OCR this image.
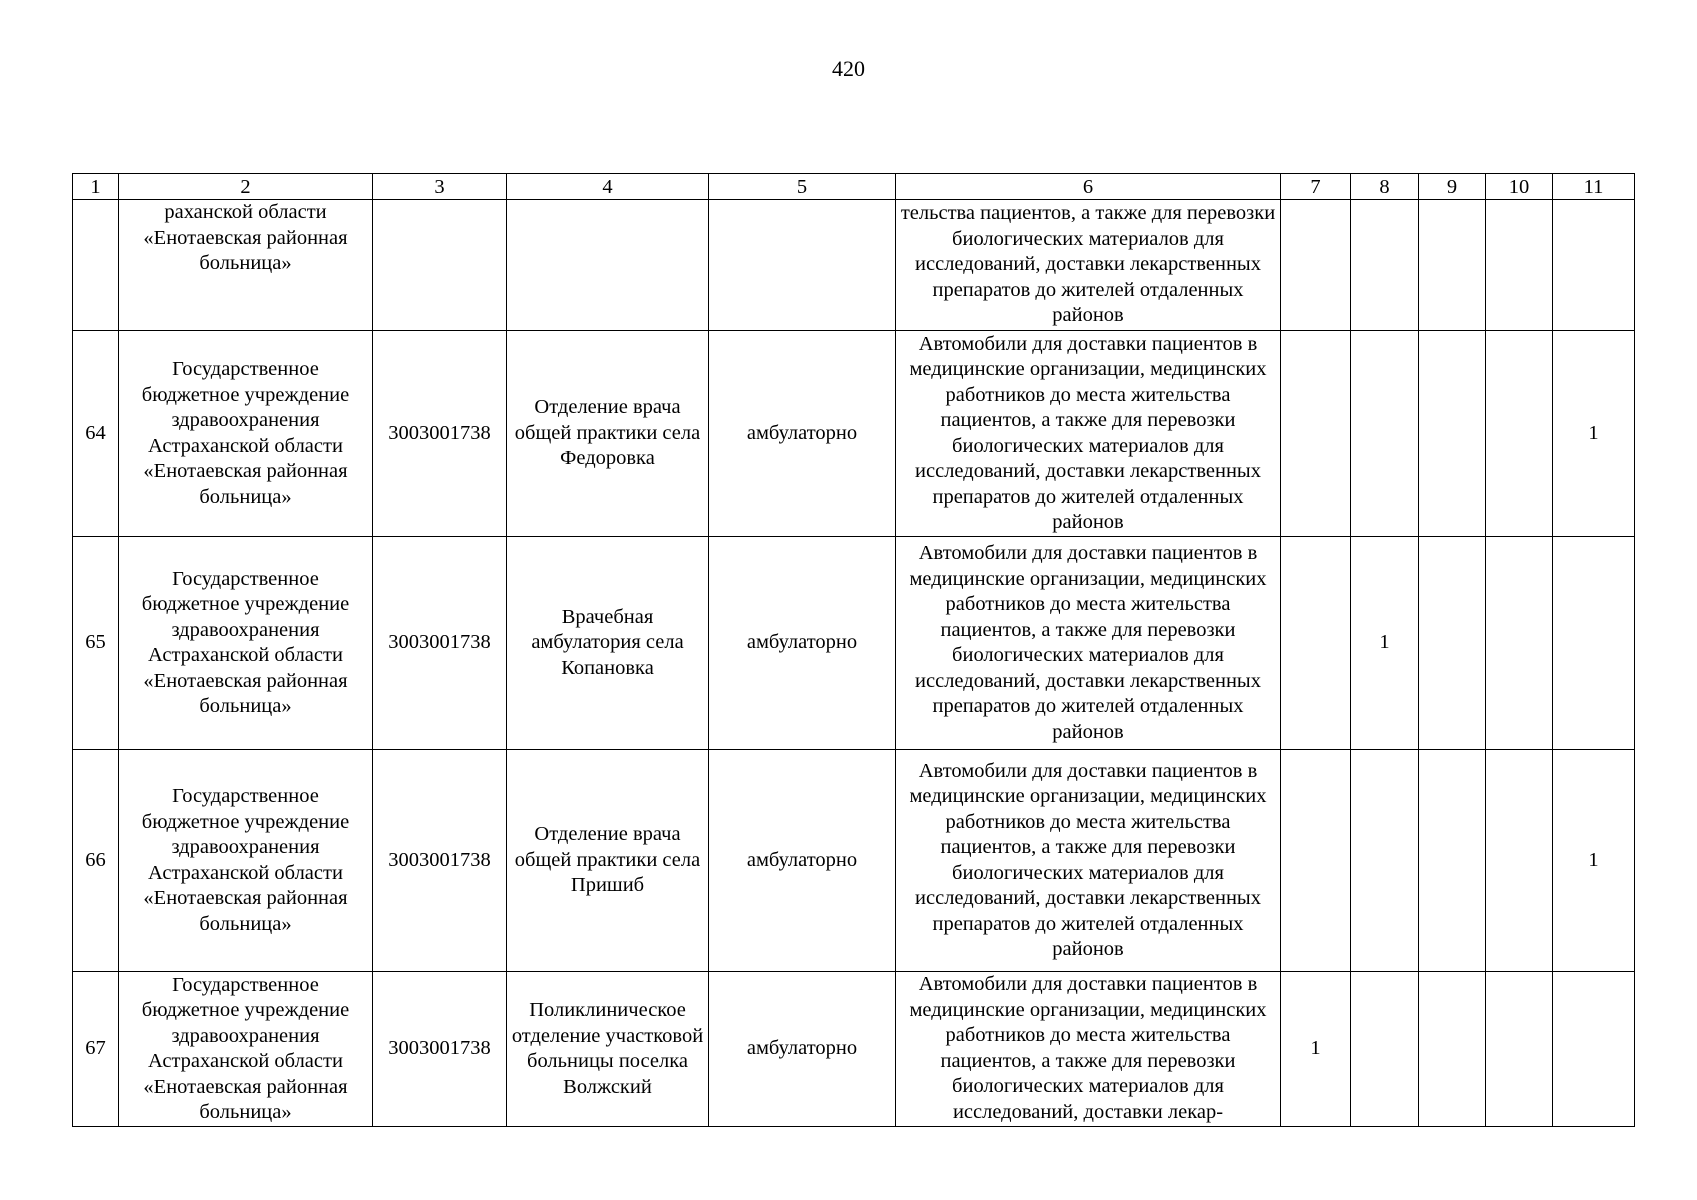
420
1	2	3	4	5	6	7	8	9	10	11
	раханской области «Енотаевская районная больница»				тельства пациентов, а также для перевозки биологических материалов для исследований, доставки лекарственных препаратов до жителей отдаленных районов					
64	Государственное бюджетное учреждение здравоохранения Астраханской области «Енотаевская районная больница»	3003001738	Отделение врача общей практики села Федоровка	амбулаторно	Автомобили для доставки пациентов в медицинские организации, медицинских работников до места жительства пациентов, а также для перевозки биологических материалов для исследований, доставки лекарственных препаратов до жителей отдаленных районов					1
65	Государственное бюджетное учреждение здравоохранения Астраханской области «Енотаевская районная больница»	3003001738	Врачебная амбулатория села Копановка	амбулаторно	Автомобили для доставки пациентов в медицинские организации, медицинских работников до места жительства пациентов, а также для перевозки биологических материалов для исследований, доставки лекарственных препаратов до жителей отдаленных районов		1			
66	Государственное бюджетное учреждение здравоохранения Астраханской области «Енотаевская районная больница»	3003001738	Отделение врача общей практики села Пришиб	амбулаторно	Автомобили для доставки пациентов в медицинские организации, медицинских работников до места жительства пациентов, а также для перевозки биологических материалов для исследований, доставки лекарственных препаратов до жителей отдаленных районов					1
67	Государственное бюджетное учреждение здравоохранения Астраханской области «Енотаевская районная больница»	3003001738	Поликлиническое отделение участковой больницы поселка Волжский	амбулаторно	Автомобили для доставки пациентов в медицинские организации, медицинских работников до места жительства пациентов, а также для перевозки биологических материалов для исследований, доставки лекар-	1				
